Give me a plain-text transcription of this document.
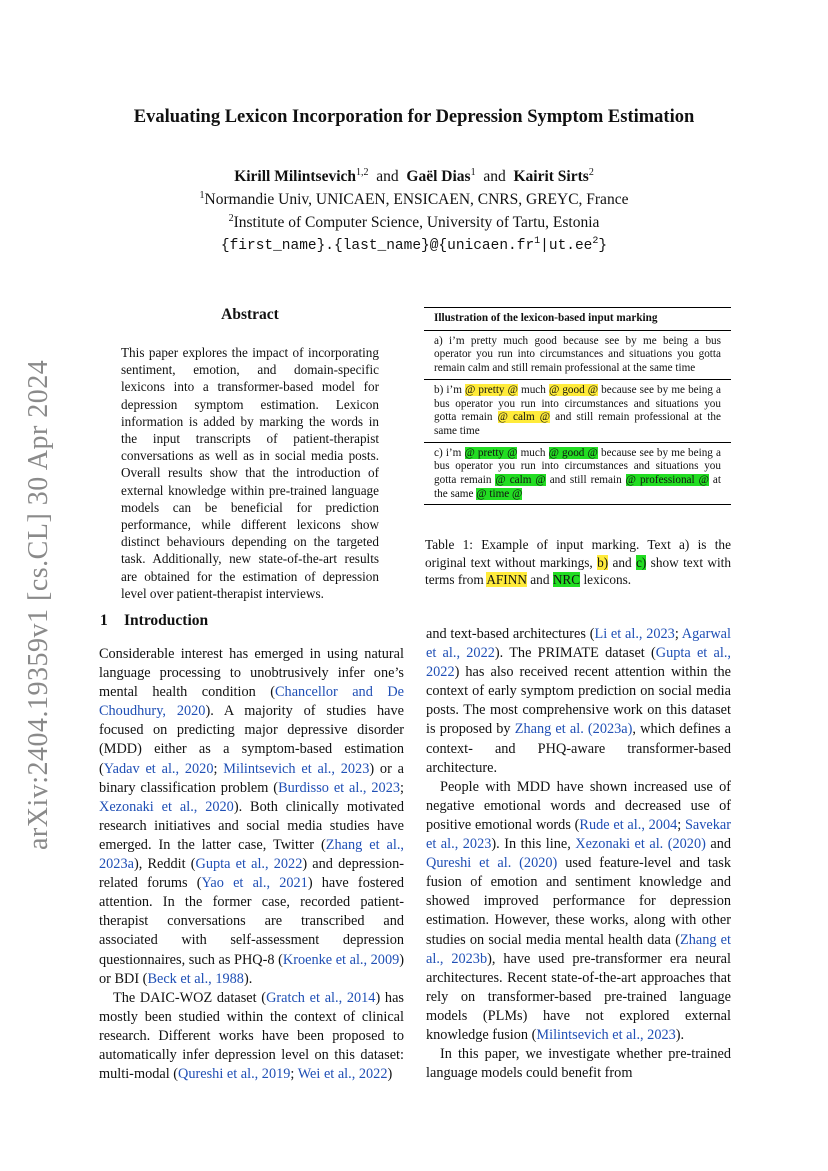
arXiv:2404.19359v1 [cs.CL] 30 Apr 2024
Evaluating Lexicon Incorporation for Depression Symptom Estimation
Kirill Milintsevich$^{1,2}$ and Gaël Dias$^1$ and Kairit Sirts$^2$
$^1$Normandie Univ, UNICAEN, ENSICAEN, CNRS, GREYC, France
$^2$Institute of Computer Science, University of Tartu, Estonia
$\{first\_name\}.\{last\_name\}@\{unicaen.fr^1|ut.ee^2\}$
Abstract
This paper explores the impact of incorporating sentiment, emotion, and domain-specific lexicons into a transformer-based model for depression symptom estimation. Lexicon information is added by marking the words in the input transcripts of patient-therapist conversations as well as in social media posts. Overall results show that the introduction of external knowledge within pre-trained language models can be beneficial for prediction performance, while different lexicons show distinct behaviours depending on the targeted task. Additionally, new state-of-the-art results are obtained for the estimation of depression level over patient-therapist interviews.
Illustration of the lexicon-based input marking
a) i’m pretty much good because see by me being a bus operator you run into circumstances and situations you gotta remain calm and still remain professional at the same time
b) i’m @ pretty @ much @ good @ because see by me being a bus operator you run into circumstances and situations you gotta remain @ calm @ and still remain professional at the same time
c) i’m @ pretty @ much @ good @ because see by me being a bus operator you run into circumstances and situations you gotta remain @ calm @ and still remain @ professional @ at the same @ time @
Table 1: Example of input marking. Text a) is the original text without markings, b) and c) show text with terms from AFINN and NRC lexicons.
1 Introduction

Considerable interest has emerged in using natural language processing to unobtrusively infer one’s mental health condition (Chancellor and De Choudhury, 2020). A majority of studies have focused on predicting major depressive disorder (MDD) either as a symptom-based estimation (Yadav et al., 2020; Milintsevich et al., 2023) or a binary classification problem (Burdisso et al., 2023; Xezonaki et al., 2020). Both clinically motivated research initiatives and social media studies have emerged. In the latter case, Twitter (Zhang et al., 2023a), Reddit (Gupta et al., 2022) and depression-related forums (Yao et al., 2021) have fostered attention. In the former case, recorded patient-therapist conversations are transcribed and associated with self-assessment depression questionnaires, such as PHQ-8 (Kroenke et al., 2009) or BDI (Beck et al., 1988).

The DAIC-WOZ dataset (Gratch et al., 2014) has mostly been studied within the context of clinical research. Different works have been proposed to automatically infer depression level on this dataset: multi-modal (Qureshi et al., 2019; Wei et al., 2022)

and text-based architectures (Li et al., 2023; Agarwal et al., 2022). The PRIMATE dataset (Gupta et al., 2022) has also received recent attention within the context of early symptom prediction on social media posts. The most comprehensive work on this dataset is proposed by Zhang et al. (2023a), which defines a context- and PHQ-aware transformer-based architecture.

People with MDD have shown increased use of negative emotional words and decreased use of positive emotional words (Rude et al., 2004; Savekar et al., 2023). In this line, Xezonaki et al. (2020) and Qureshi et al. (2020) used feature-level and task fusion of emotion and sentiment knowledge and showed improved performance for depression estimation. However, these works, along with other studies on social media mental health data (Zhang et al., 2023b), have used pre-transformer era neural architectures. Recent state-of-the-art approaches that rely on transformer-based pre-trained language models (PLMs) have not explored external knowledge fusion (Milintsevich et al., 2023).

In this paper, we investigate whether pre-trained language models could benefit from
